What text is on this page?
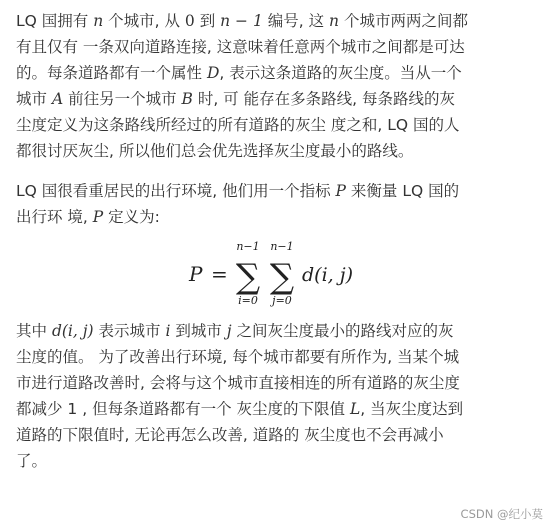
LQ 国拥有 n 个城市, 从 0 到 n − 1 编号, 这 n 个城市两两之间都
有且仅有 一条双向道路连接, 这意味着任意两个城市之间都是可达
的。每条道路都有一个属性 D, 表示这条道路的灰尘度。当从一个
城市 A 前往另一个城市 B 时, 可 能存在多条路线, 每条路线的灰
尘度定义为这条路线所经过的所有道路的灰尘 度之和, LQ 国的人
都很讨厌灰尘, 所以他们总会优先选择灰尘度最小的路线。

LQ 国很看重居民的出行环境, 他们用一个指标 P 来衡量 LQ 国的
出行环 境, P 定义为:

P =
n−1
∑
i=0
n−1
∑
j=0
d(i, j)

其中 d(i, j) 表示城市 i 到城市 j 之间灰尘度最小的路线对应的灰
尘度的值。 为了改善出行环境, 每个城市都要有所作为, 当某个城
市进行道路改善时, 会将与这个城市直接相连的所有道路的灰尘度
都减少 1 , 但每条道路都有一个 灰尘度的下限值 L, 当灰尘度达到
道路的下限值时, 无论再怎么改善, 道路的 灰尘度也不会再减小
了。

CSDN @纪小莫
